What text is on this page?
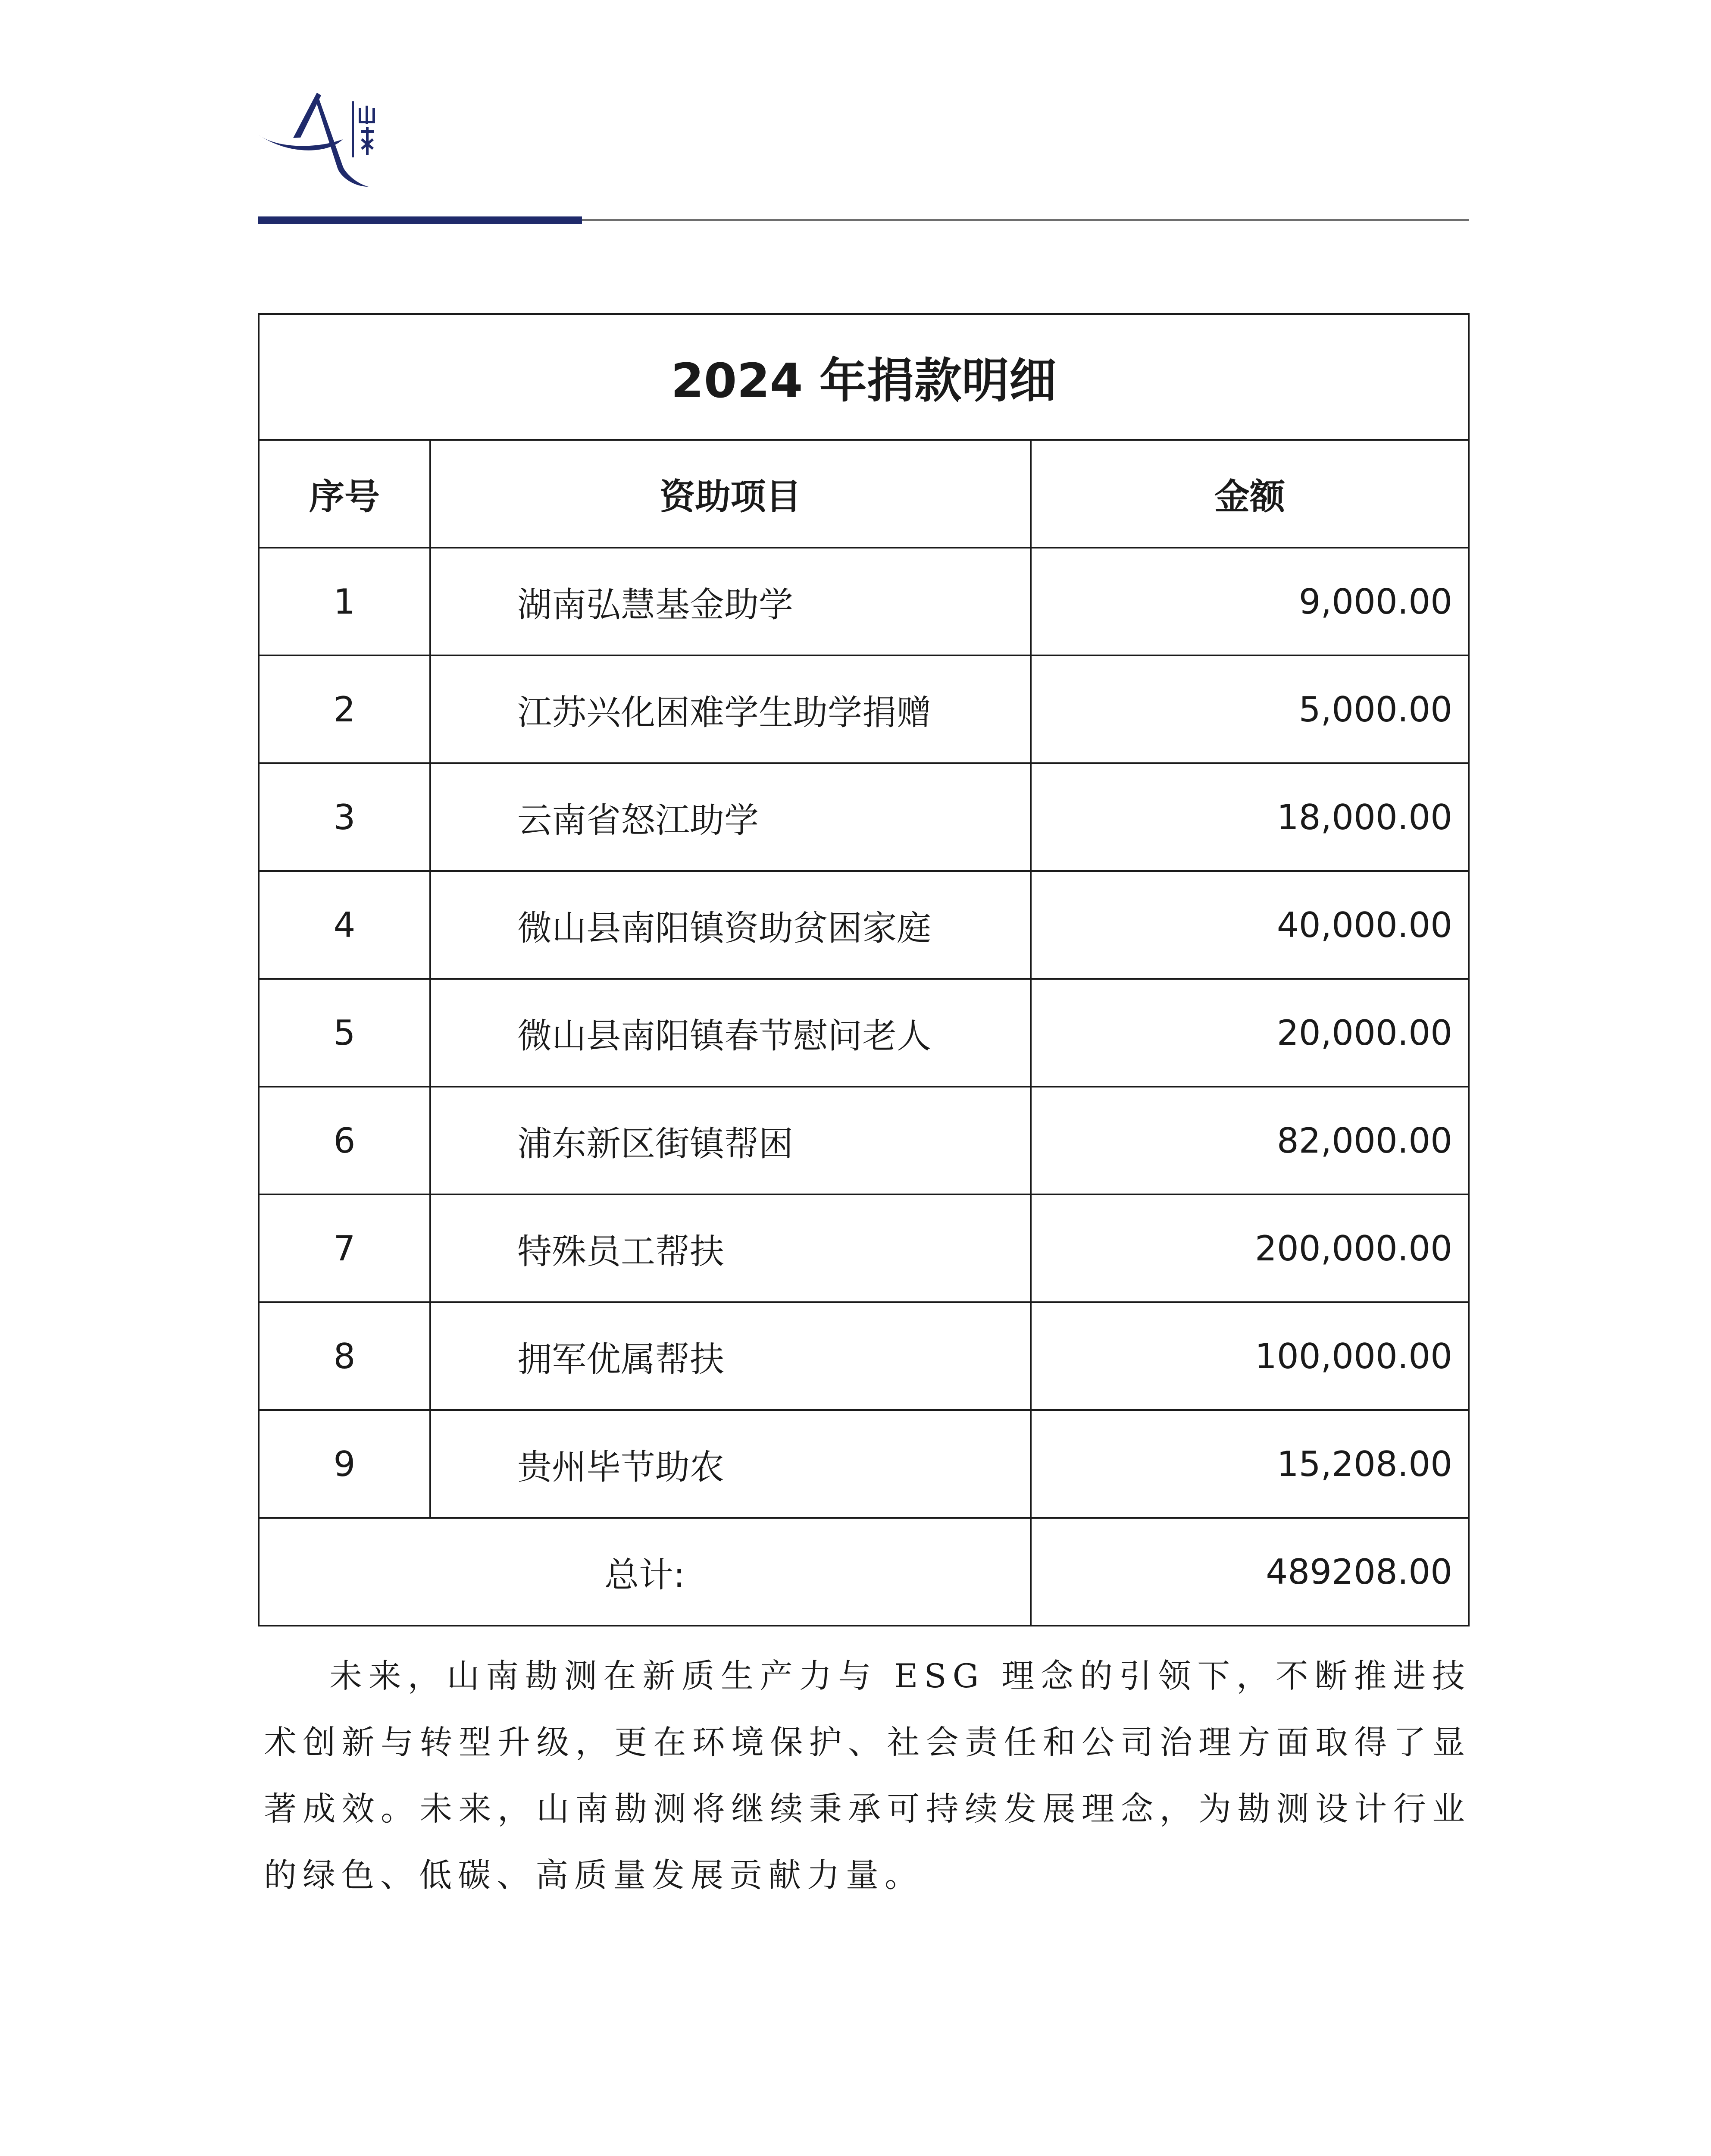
2024 年捐款明细		
序号	资助项目	金额
1	湖南弘慧基金助学	9,000.00
2	江苏兴化困难学生助学捐赠	5,000.00
3	云南省怒江助学	18,000.00
4	微山县南阳镇资助贫困家庭	40,000.00
5	微山县南阳镇春节慰问老人	20,000.00
6	浦东新区街镇帮困	82,000.00
7	特殊员工帮扶	200,000.00
8	拥军优属帮扶	100,000.00
9	贵州毕节助农	15,208.00
总计:		489208.00

未来，山南勘测在新质生产力与 ESG 理念的引领下，不断推进技术创新与转型升级，更在环境保护、社会责任和公司治理方面取得了显著成效。未来，山南勘测将继续秉承可持续发展理念，为勘测设计行业的绿色、低碳、高质量发展贡献力量。
